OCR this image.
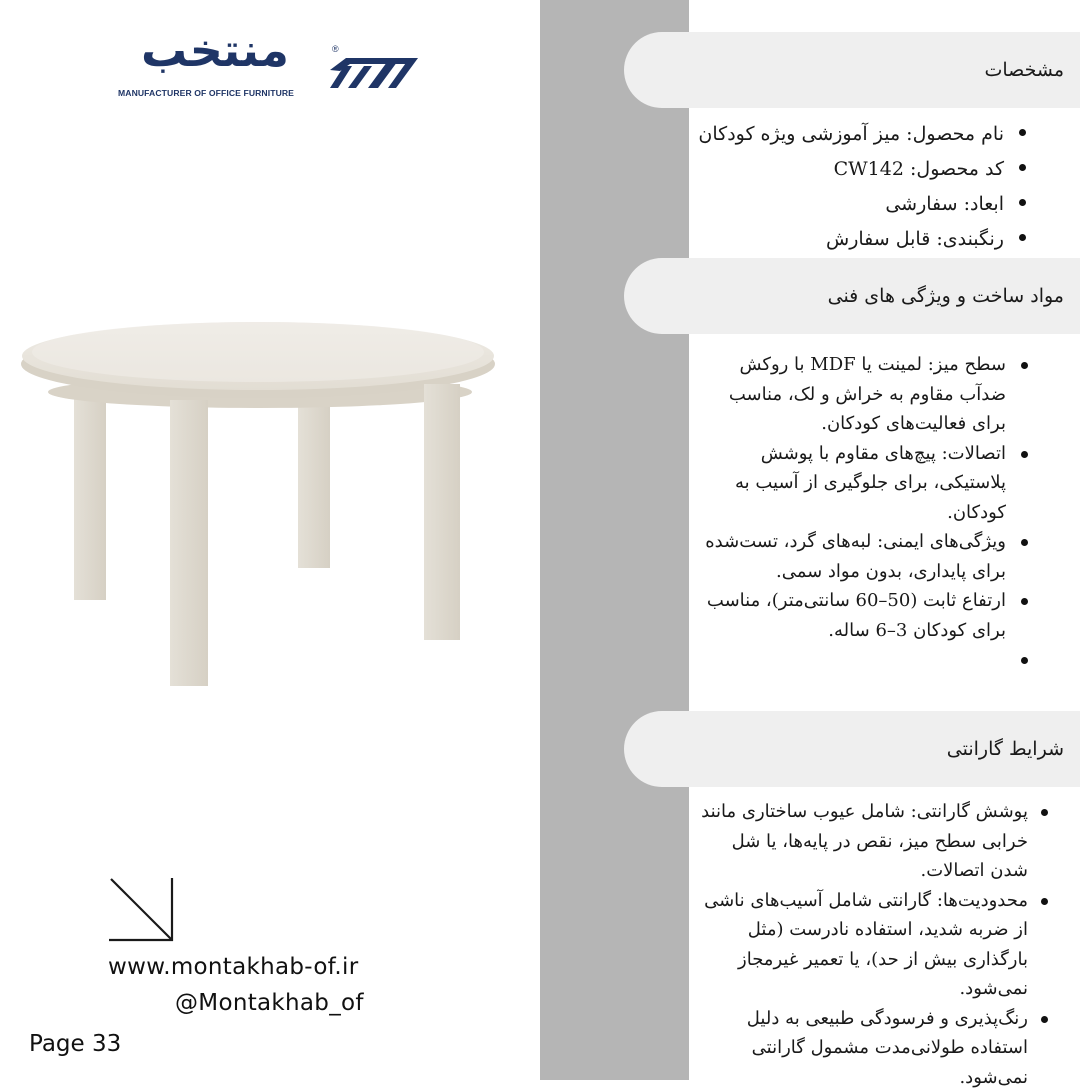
منتخب	®
MANUFACTURER OF OFFICE FURNITURE
مشخصات
مواد ساخت و ویژگی های فنی
شرایط گارانتی
نام محصول: میز آموزشی ویژه کودکان
کد محصول: CW142
ابعاد: سفارشی
رنگبندی: قابل سفارش
سطح میز: لمینت یا MDF با روکش ضدآب مقاوم به خراش و لک، مناسب برای فعالیت‌های کودکان.
اتصالات: پیچ‌های مقاوم با پوشش پلاستیکی، برای جلوگیری از آسیب به کودکان.
ویژگی‌های ایمنی: لبه‌های گرد، تست‌شده برای پایداری، بدون مواد سمی.
ارتفاع ثابت (50–60 سانتی‌متر)، مناسب برای کودکان 3–6 ساله.

پوشش گارانتی: شامل عیوب ساختاری مانند خرابی سطح میز، نقص در پایه‌ها، یا شل شدن اتصالات.
محدودیت‌ها: گارانتی شامل آسیب‌های ناشی از ضربه شدید، استفاده نادرست (مثل بارگذاری بیش از حد)، یا تعمیر غیرمجاز نمی‌شود.
رنگ‌پذیری و فرسودگی طبیعی به دلیل استفاده طولانی‌مدت مشمول گارانتی نمی‌شود.
www.montakhab-of.ir
@Montakhab_of
Page 33
